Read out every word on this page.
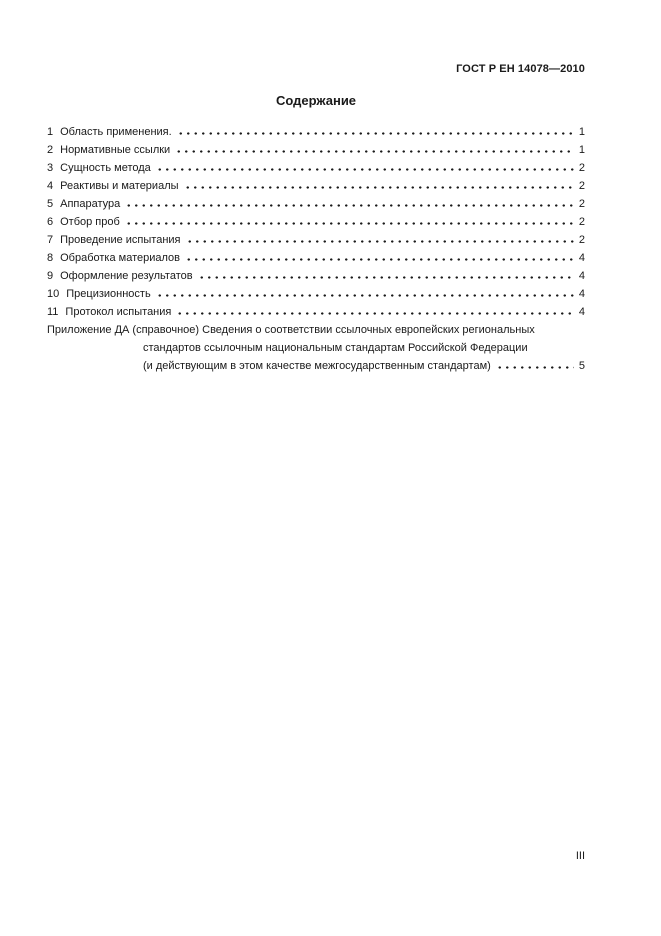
ГОСТ Р ЕН 14078—2010
Содержание
1 Область применения.	1
2 Нормативные ссылки	1
3 Сущность метода	2
4 Реактивы и материалы	2
5 Аппаратура	2
6 Отбор проб	2
7 Проведение испытания	2
8 Обработка материалов	4
9 Оформление результатов	4
10 Прецизионность	4
11 Протокол испытания	4
Приложение ДА (справочное) Сведения о соответствии ссылочных европейских региональных
стандартов ссылочным национальным стандартам Российской Федерации
(и действующим в этом качестве межгосударственным стандартам)	5
III
